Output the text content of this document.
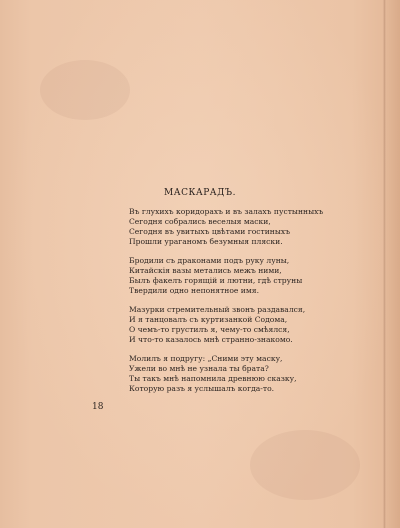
МАСКАРАДЪ.
Въ глухихъ коридорахъ и въ залахъ пустынныхъ
Сегодня собрались веселыя маски,
Сегодня въ увитыхъ цвѣтами гостиныхъ
Прошли ураганомъ безумныя пляски.
Бродили съ драконами подъ руку луны,
Китайскія вазы метались межъ ними,
Былъ факелъ горящій и лютни, гдѣ струны
Твердили одно непонятное имя.
Мазурки стремительный звонъ раздавался,
И я танцовалъ съ куртизанкой Содома,
О чемъ-то грустилъ я, чему-то смѣялся,
И что-то казалось мнѣ странно-знакомо.
Молилъ я подругу: „Сними эту маску,
Ужели во мнѣ не узнала ты брата?
Ты такъ мнѣ напомнила древнюю сказку,
Которую разъ я услышалъ когда-то.
18
